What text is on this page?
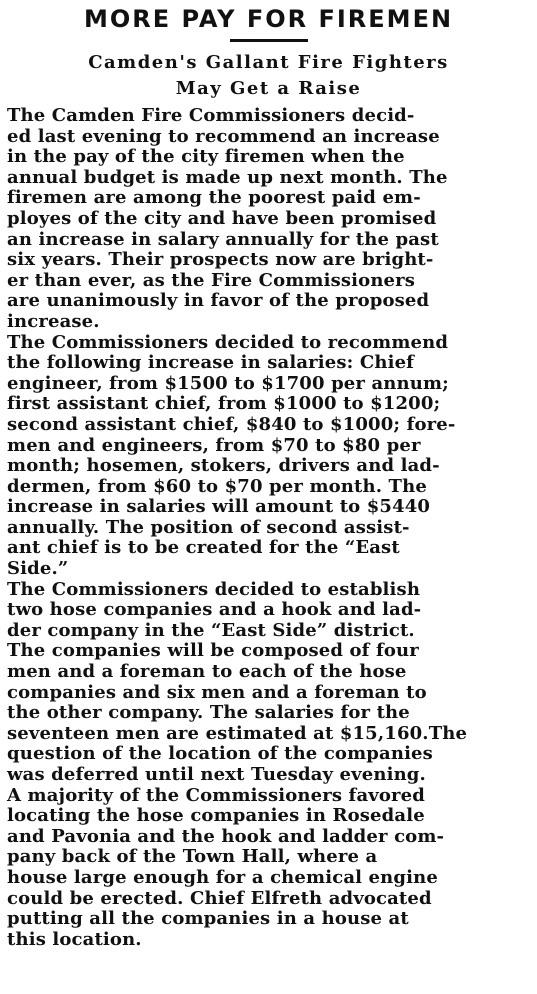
MORE PAY FOR FIREMEN
Camden's Gallant Fire Fighters
May Get a Raise

The Camden Fire Commissioners decid-
ed last evening to recommend an increase
in the pay of the city firemen when the
annual budget is made up next month. The
firemen are among the poorest paid em-
ployes of the city and have been promised
an increase in salary annually for the past
six years. Their prospects now are bright-
er than ever, as the Fire Commissioners
are unanimously in favor of the proposed
increase.

The Commissioners decided to recommend
the following increase in salaries: Chief
engineer, from $1500 to $1700 per annum;
first assistant chief, from $1000 to $1200;
second assistant chief, $840 to $1000; fore-
men and engineers, from $70 to $80 per
month; hosemen, stokers, drivers and lad-
dermen, from $60 to $70 per month. The
increase in salaries will amount to $5440
annually. The position of second assist-
ant chief is to be created for the “East
Side.”

The Commissioners decided to establish
two hose companies and a hook and lad-
der company in the “East Side” district.
The companies will be composed of four
men and a foreman to each of the hose
companies and six men and a foreman to
the other company. The salaries for the
seventeen men are estimated at $15,160.The
question of the location of the companies
was deferred until next Tuesday evening.
A majority of the Commissioners favored
locating the hose companies in Rosedale
and Pavonia and the hook and ladder com-
pany back of the Town Hall, where a
house large enough for a chemical engine
could be erected. Chief Elfreth advocated
putting all the companies in a house at
this location.
